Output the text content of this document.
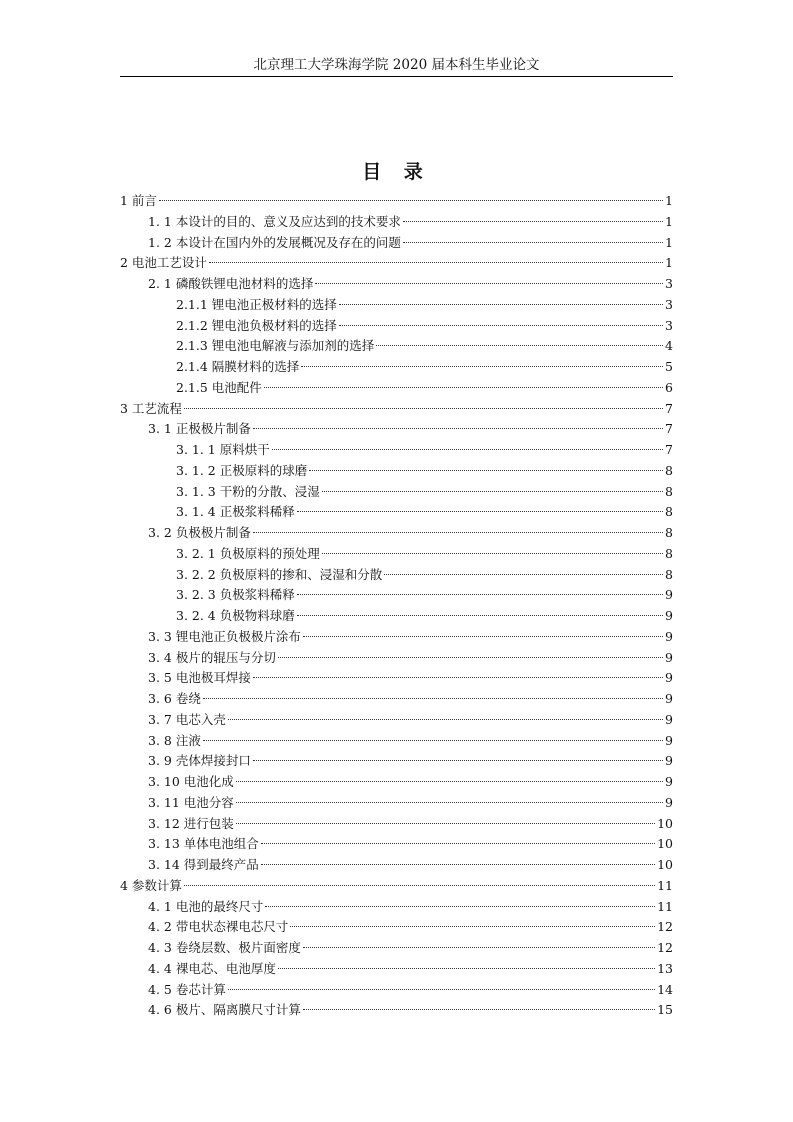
北京理工大学珠海学院 2020 届本科生毕业论文
目 录
1 前言	1
1. 1 本设计的目的、意义及应达到的技术要求	1
1. 2 本设计在国内外的发展概况及存在的问题	1
2 电池工艺设计	1
2. 1 磷酸铁锂电池材料的选择	3
2.1.1 锂电池正极材料的选择	3
2.1.2 锂电池负极材料的选择	3
2.1.3 锂电池电解液与添加剂的选择	4
2.1.4 隔膜材料的选择	5
2.1.5 电池配件	6
3 工艺流程	7
3. 1 正极极片制备	7
3. 1. 1 原料烘干	7
3. 1. 2 正极原料的球磨	8
3. 1. 3 干粉的分散、浸湿	8
3. 1. 4 正极浆料稀释	8
3. 2 负极极片制备	8
3. 2. 1 负极原料的预处理	8
3. 2. 2 负极原料的掺和、浸湿和分散	8
3. 2. 3 负极浆料稀释	9
3. 2. 4 负极物料球磨	9
3. 3 锂电池正负极极片涂布	9
3. 4 极片的辊压与分切	9
3. 5 电池极耳焊接	9
3. 6 卷绕	9
3. 7 电芯入壳	9
3. 8 注液	9
3. 9 壳体焊接封口	9
3. 10 电池化成	9
3. 11 电池分容	9
3. 12 进行包装	10
3. 13 单体电池组合	10
3. 14 得到最终产品	10
4 参数计算	11
4. 1 电池的最终尺寸	11
4. 2 带电状态裸电芯尺寸	12
4. 3 卷绕层数、极片面密度	12
4. 4 裸电芯、电池厚度	13
4. 5 卷芯计算	14
4. 6 极片、隔离膜尺寸计算	15
